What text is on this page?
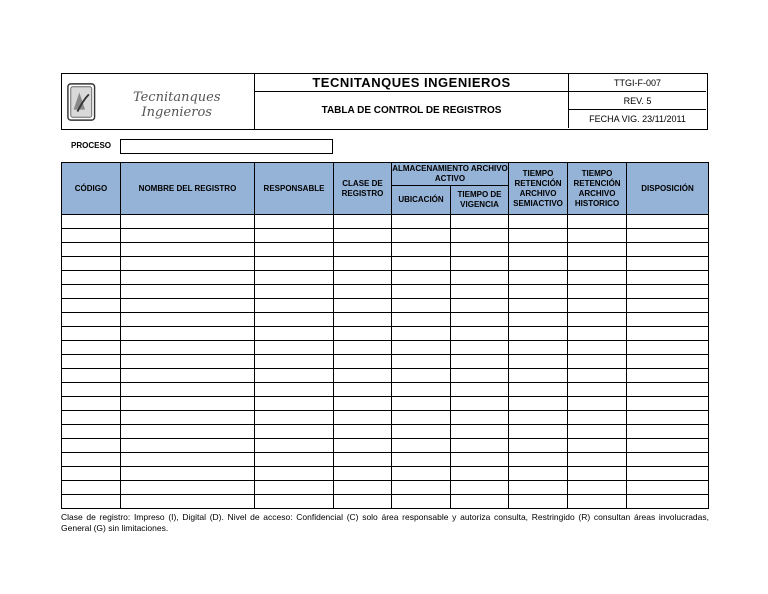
Tecnitanques Ingenieros
TECNITANQUES INGENIEROS
TABLA DE CONTROL DE REGISTROS
TTGI-F-007
REV. 5
FECHA VIG. 23/11/2011
PROCESO
CÓDIGO	NOMBRE DEL REGISTRO	RESPONSABLE	CLASE DE REGISTRO	ALMACENAMIENTO ARCHIVO ACTIVO		TIEMPO RETENCIÓN ARCHIVO SEMIACTIVO	TIEMPO RETENCIÓN ARCHIVO HISTORICO	DISPOSICIÓN
				UBICACIÓN	TIEMPO DE VIGENCIA			

Clase de registro: Impreso (I), Digital (D). Nivel de acceso: Confidencial (C) solo área responsable y autoriza consulta, Restringido (R) consultan áreas involucradas, General (G) sin limitaciones.
